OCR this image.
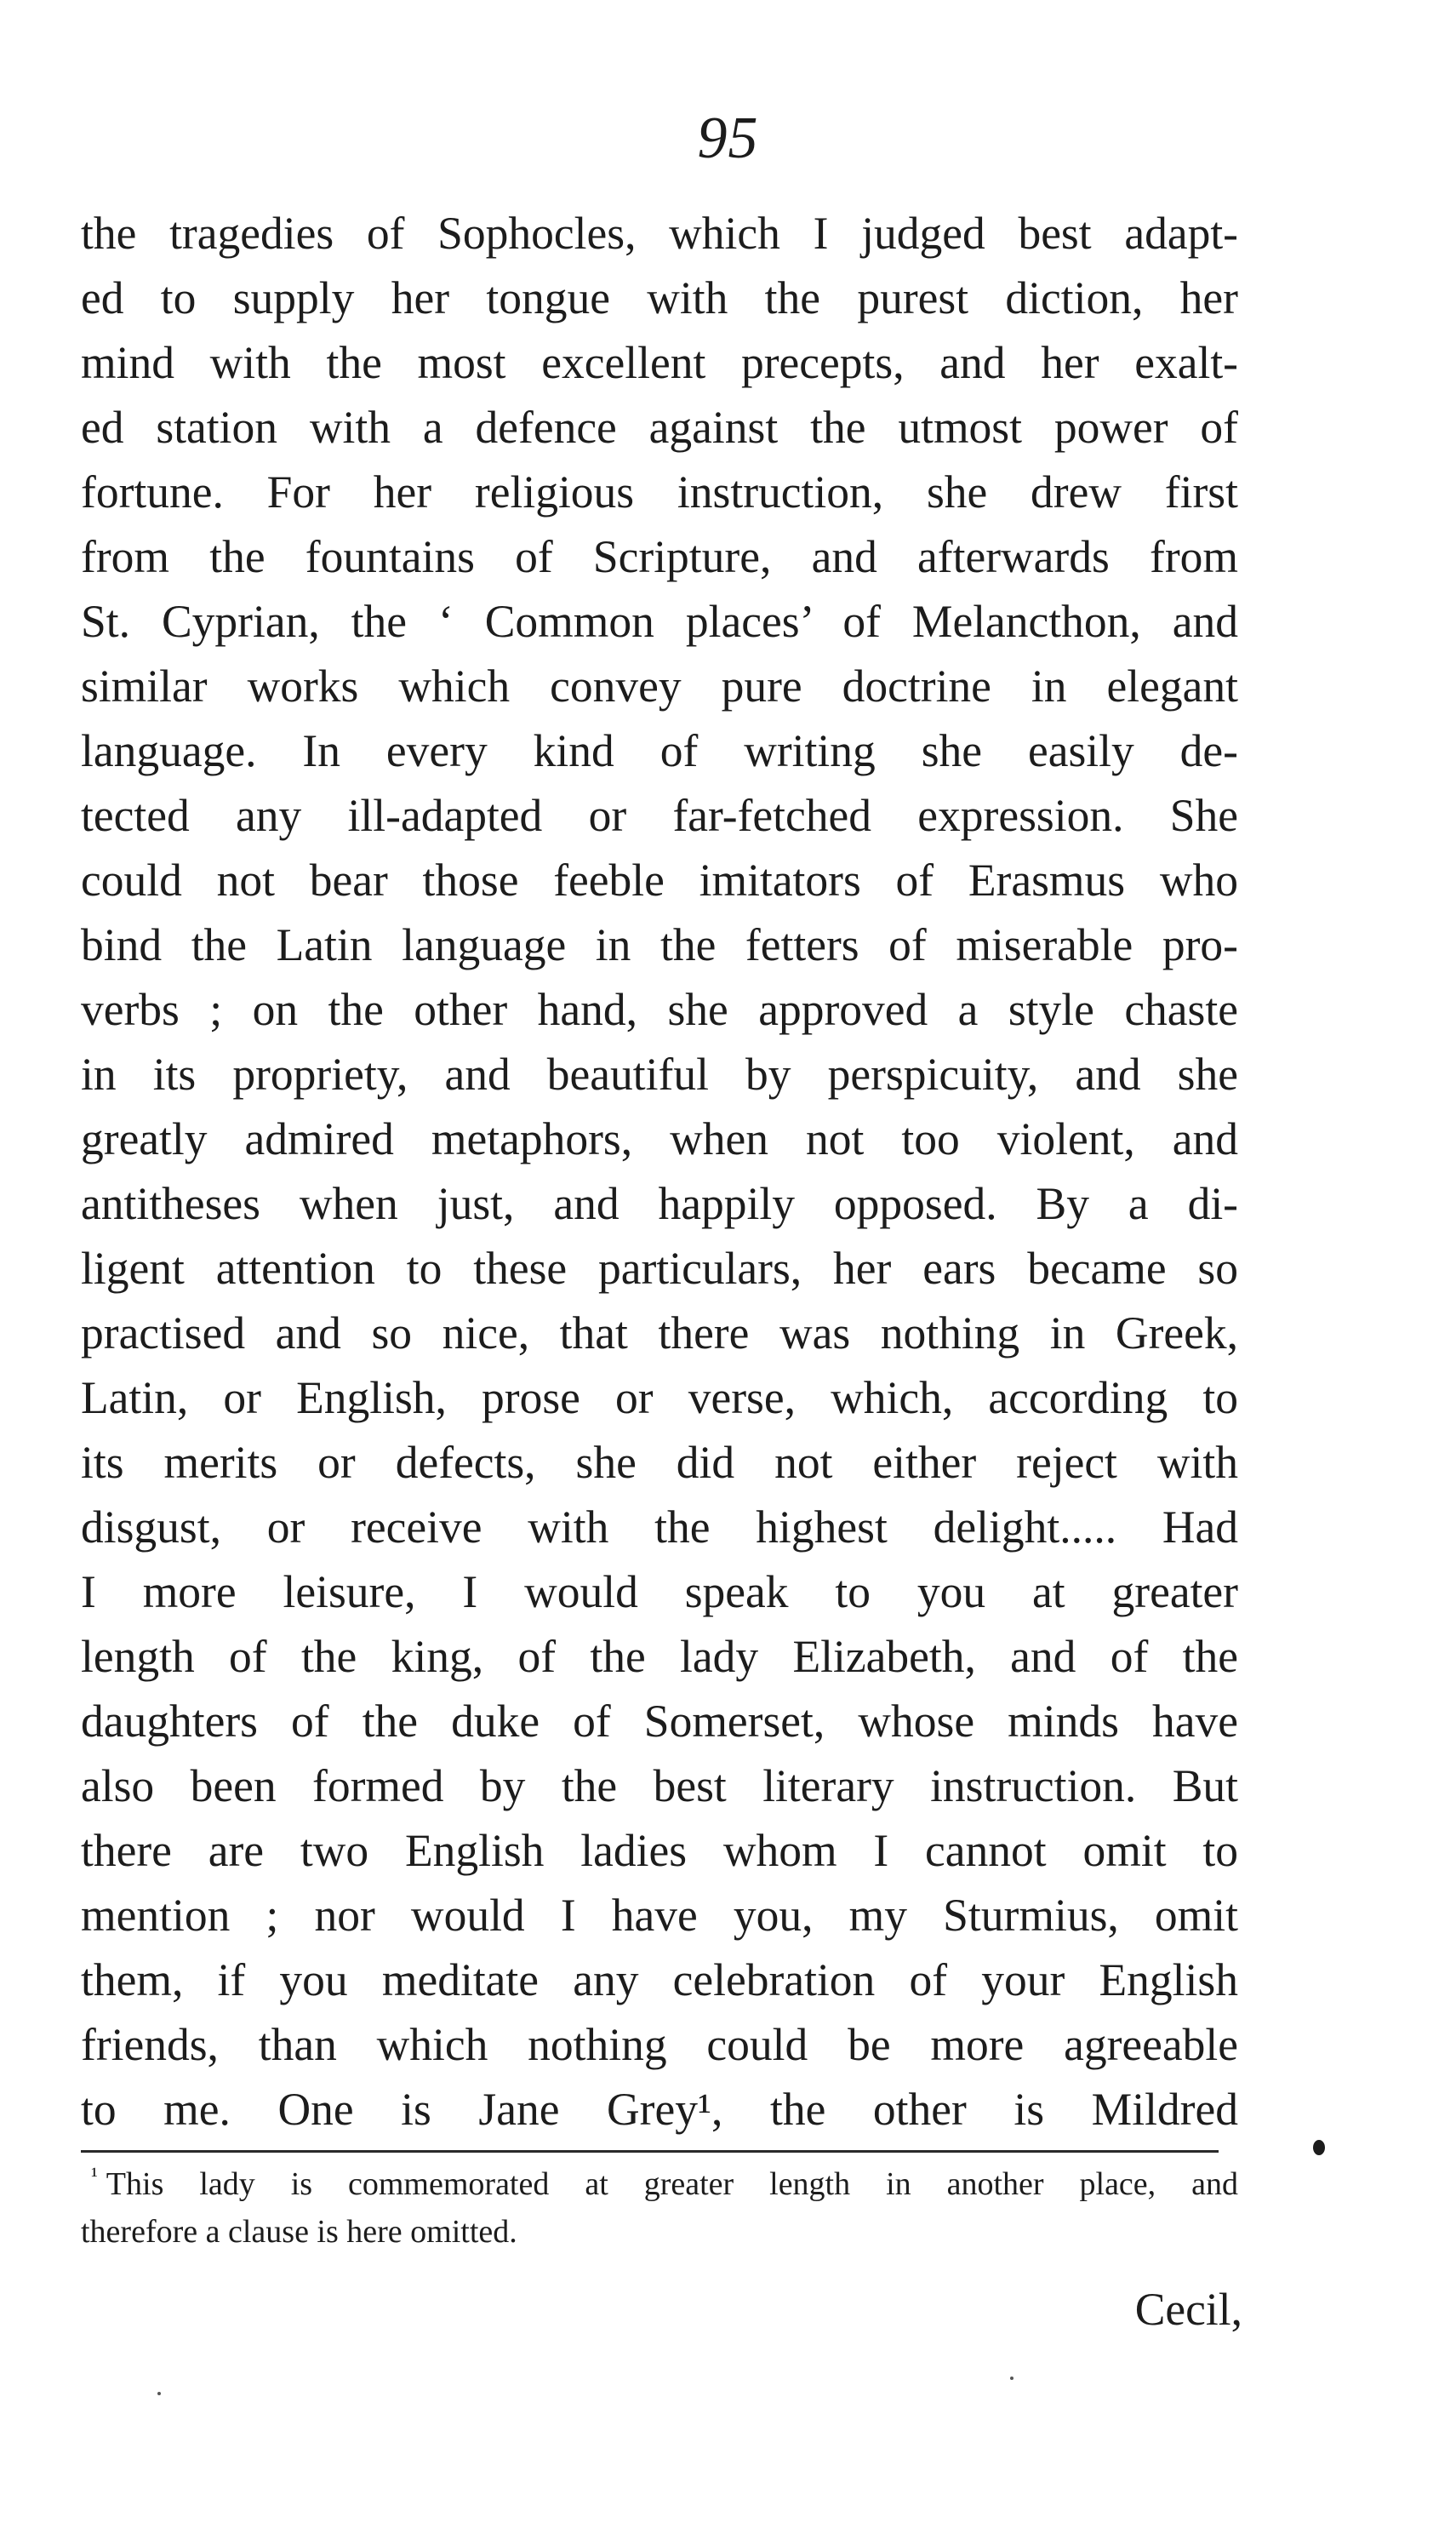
95
the tragedies of Sophocles, which I judged best adapt-
ed to supply her tongue with the purest diction, her
mind with the most excellent precepts, and her exalt-
ed station with a defence against the utmost power of
fortune. For her religious instruction, she drew first
from the fountains of Scripture, and afterwards from
St. Cyprian, the ‘ Common places’ of Melancthon, and
similar works which convey pure doctrine in elegant
language. In every kind of writing she easily de-
tected any ill-adapted or far-fetched expression. She
could not bear those feeble imitators of Erasmus who
bind the Latin language in the fetters of miserable pro-
verbs ; on the other hand, she approved a style chaste
in its propriety, and beautiful by perspicuity, and she
greatly admired metaphors, when not too violent, and
antitheses when just, and happily opposed. By a di-
ligent attention to these particulars, her ears became so
practised and so nice, that there was nothing in Greek,
Latin, or English, prose or verse, which, according to
its merits or defects, she did not either reject with
disgust, or receive with the highest delight..... Had
I more leisure, I would speak to you at greater
length of the king, of the lady Elizabeth, and of the
daughters of the duke of Somerset, whose minds have
also been formed by the best literary instruction. But
there are two English ladies whom I cannot omit to
mention ; nor would I have you, my Sturmius, omit
them, if you meditate any celebration of your English
friends, than which nothing could be more agreeable
to me. One is Jane Grey¹, the other is Mildred
$^{^1}$ This lady is commemorated at greater length in another place, and
therefore a clause is here omitted.
Cecil,
